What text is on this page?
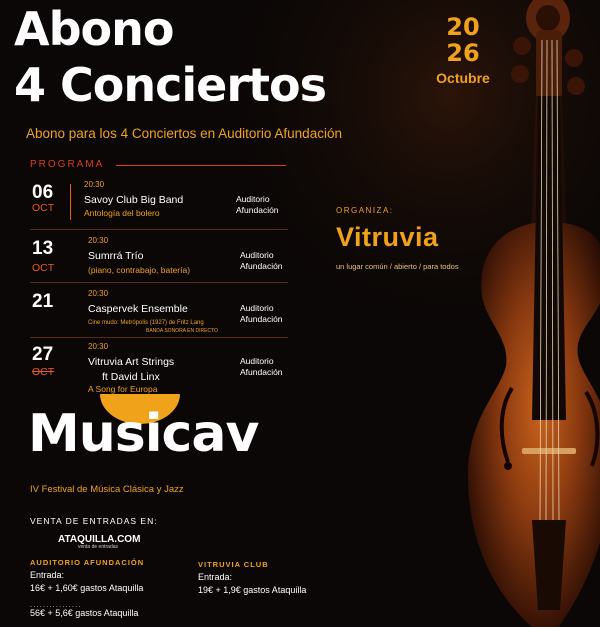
Abono
4 Conciertos
20
26
Octubre
Abono para los 4 Conciertos en Auditorio Afundación
PROGRAMA
06
OCT
20:30
Savoy Club Big Band
Antología del bolero
Auditorio
Afundación
13
OCT
20:30
Sumrrá Trío
(piano, contrabajo, batería)
Auditorio
Afundación
21	20:30
Caspervek Ensemble
Cine mudo: Metrópolis (1927) de Fritz Lang
BANDA SONORA EN DIRECTO
Auditorio
Afundación
27
OCT
20:30
Vitruvia Art Strings
ft David Linx
A Song for Europa
Auditorio
Afundación
ORGANIZA:
Vitruvia
un lugar común / abierto / para todos
Musicav
IV Festival de Música Clásica y Jazz
VENTA DE ENTRADAS EN:
ATAQUILLA.COM
venta de entradas
AUDITORIO AFUNDACIÓN
Entrada:
16€ + 1,60€ gastos Ataquilla
................
56€ + 5,6€ gastos Ataquilla
VITRUVIA CLUB
Entrada:
19€ + 1,9€ gastos Ataquilla
